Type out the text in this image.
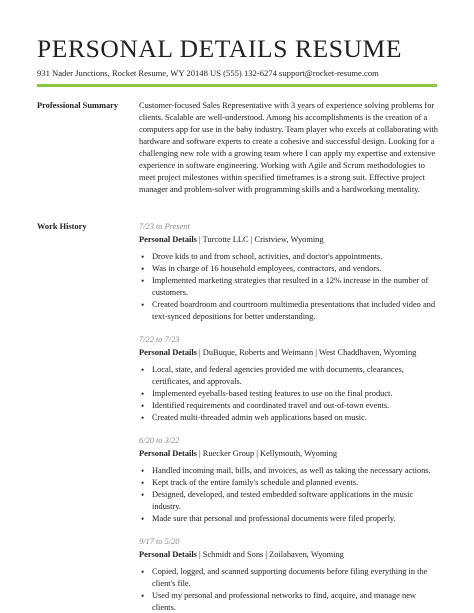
PERSONAL DETAILS RESUME
931 Nader Junctions, Rocket Resume, WY 20148 US (555) 132-6274 support@rocket-resume.com
Professional Summary Customer-focused Sales Representative with 3 years of experience solving problems for clients. Scalable are well-understood. Among his accomplishments is the creation of a computers app for use in the baby industry. Team player who excels at collaborating with hardware and software experts to create a cohesive and successful design. Looking for a challenging new role with a growing team where I can apply my expertise and extensive experience in software engineering. Working with Agile and Scrum methodologies to meet project milestones within specified timeframes is a strong suit. Effective project manager and problem-solver with programming skills and a hardworking mentality.
Work History	7/23 to Present
Personal Details | Turcotte LLC | Cristview, Wyoming
• Drove kids to and from school, activities, and doctor's appointments.
• Was in charge of 16 household employees, contractors, and vendors.
• Implemented marketing strategies that resulted in a 12% increase in the number of customers.
• Created boardroom and courtroom multimedia presentations that included video and text-synced depositions for better understanding.
7/22 to 7/23
Personal Details | DuBuque, Roberts and Weimann | West Chaddhaven, Wyoming
• Local, state, and federal agencies provided me with documents, clearances, certificates, and approvals.
• Implemented eyeballs-based testing features to use on the final product.
• Identified requirements and coordinated travel and out-of-town events.
• Created multi-threaded admin web applications based on music.
6/20 to 3/22
Personal Details | Ruecker Group | Kellymouth, Wyoming
• Handled incoming mail, bills, and invoices, as well as taking the necessary actions.
• Kept track of the entire family's schedule and planned events.
• Designed, developed, and tested embedded software applications in the music industry.
• Made sure that personal and professional documents were filed properly.
9/17 to 5/20
Personal Details | Schmidt and Sons | Zoilahaven, Wyoming
• Copied, logged, and scanned supporting documents before filing everything in the client's file.
• Used my personal and professional networks to find, acquire, and manage new clients.
